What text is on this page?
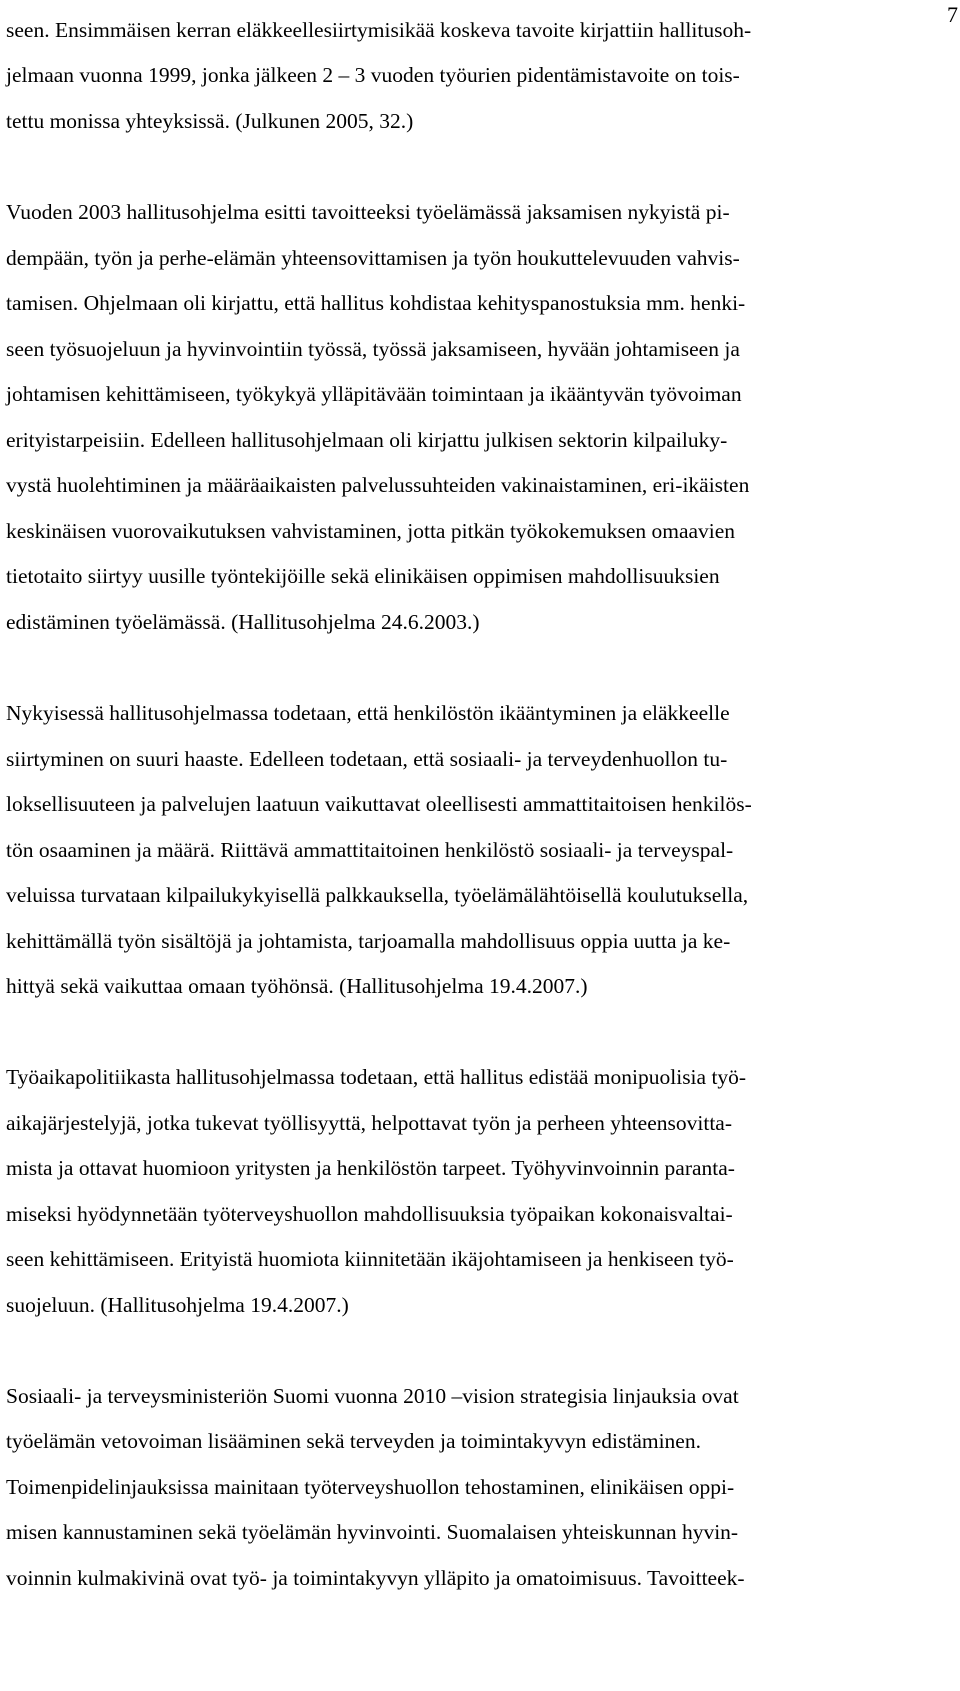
7

seen. Ensimmäisen kerran eläkkeellesiirtymisikää koskeva tavoite kirjattiin hallitusoh-

jelmaan vuonna 1999, jonka jälkeen 2 – 3 vuoden työurien pidentämistavoite on tois-

tettu monissa yhteyksissä. (Julkunen 2005, 32.)

Vuoden 2003 hallitusohjelma esitti tavoitteeksi työelämässä jaksamisen nykyistä pi-

dempään, työn ja perhe-elämän yhteensovittamisen ja työn houkuttelevuuden vahvis-

tamisen. Ohjelmaan oli kirjattu, että hallitus kohdistaa kehityspanostuksia mm. henki-

seen työsuojeluun ja hyvinvointiin työssä, työssä jaksamiseen, hyvään johtamiseen ja

johtamisen kehittämiseen, työkykyä ylläpitävään toimintaan ja ikääntyvän työvoiman

erityistarpeisiin. Edelleen hallitusohjelmaan oli kirjattu julkisen sektorin kilpailuky-

vystä huolehtiminen ja määräaikaisten palvelussuhteiden vakinaistaminen, eri-ikäisten

keskinäisen vuorovaikutuksen vahvistaminen, jotta pitkän työkokemuksen omaavien

tietotaito siirtyy uusille työntekijöille sekä elinikäisen oppimisen mahdollisuuksien

edistäminen työelämässä. (Hallitusohjelma 24.6.2003.)

Nykyisessä hallitusohjelmassa todetaan, että henkilöstön ikääntyminen ja eläkkeelle

siirtyminen on suuri haaste. Edelleen todetaan, että sosiaali- ja terveydenhuollon tu-

loksellisuuteen ja palvelujen laatuun vaikuttavat oleellisesti ammattitaitoisen henkilös-

tön osaaminen ja määrä. Riittävä ammattitaitoinen henkilöstö sosiaali- ja terveyspal-

veluissa turvataan kilpailukykyisellä palkkauksella, työelämälähtöisellä koulutuksella,

kehittämällä työn sisältöjä ja johtamista, tarjoamalla mahdollisuus oppia uutta ja ke-

hittyä sekä vaikuttaa omaan työhönsä. (Hallitusohjelma 19.4.2007.)

Työaikapolitiikasta hallitusohjelmassa todetaan, että hallitus edistää monipuolisia työ-

aikajärjestelyjä, jotka tukevat työllisyyttä, helpottavat työn ja perheen yhteensovitta-

mista ja ottavat huomioon yritysten ja henkilöstön tarpeet. Työhyvinvoinnin paranta-

miseksi hyödynnetään työterveyshuollon mahdollisuuksia työpaikan kokonaisvaltai-

seen kehittämiseen. Erityistä huomiota kiinnitetään ikäjohtamiseen ja henkiseen työ-

suojeluun. (Hallitusohjelma 19.4.2007.)

Sosiaali- ja terveysministeriön Suomi vuonna 2010 –vision strategisia linjauksia ovat

työelämän vetovoiman lisääminen sekä terveyden ja toimintakyvyn edistäminen.

Toimenpidelinjauksissa mainitaan työterveyshuollon tehostaminen, elinikäisen oppi-

misen kannustaminen sekä työelämän hyvinvointi. Suomalaisen yhteiskunnan hyvin-

voinnin kulmakivinä ovat työ- ja toimintakyvyn ylläpito ja omatoimisuus. Tavoitteek-
